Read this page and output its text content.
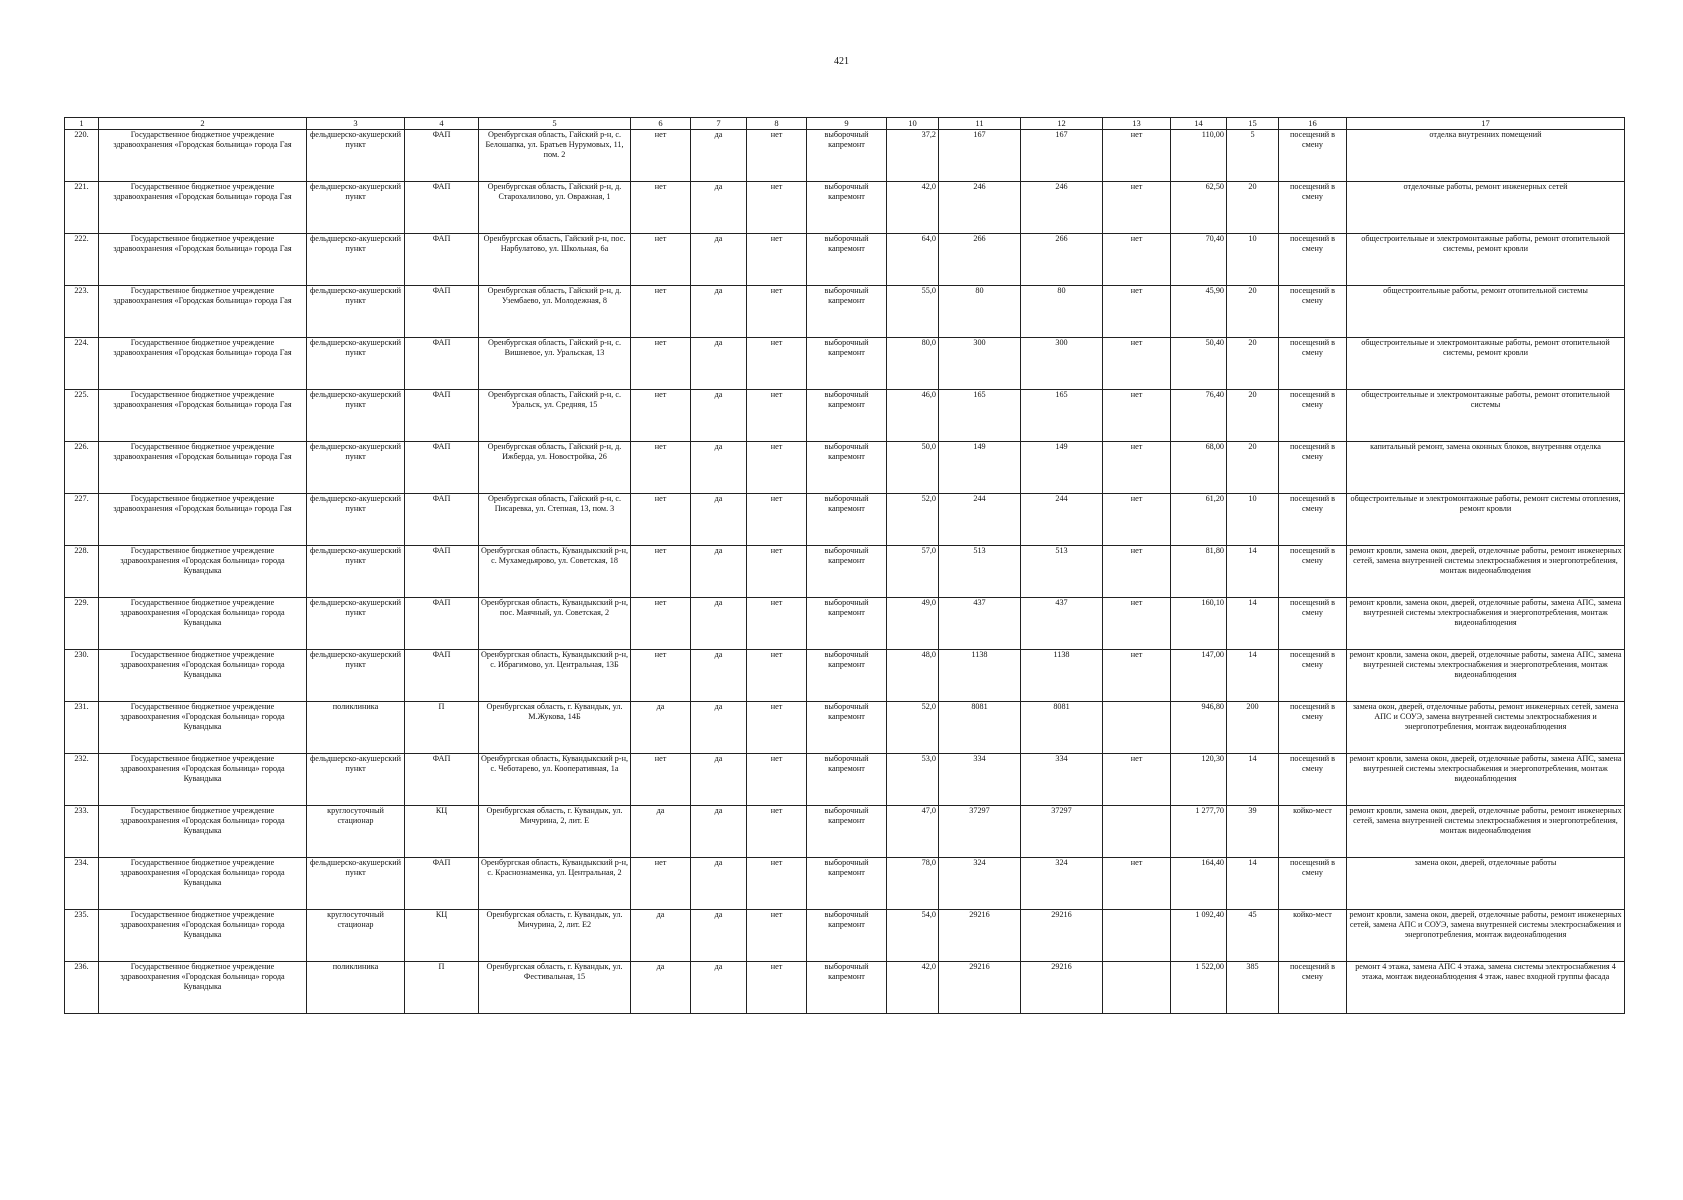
421
1	2	3	4	5	6	7	8	9	10	11	12	13	14	15	16	17
220.	Государственное бюджетное учреждение здравоохранения «Городская больница» города Гая	фельдшерско-акушерский пункт	ФАП	Оренбургская область, Гайский р-н, с. Белошапка, ул. Братьев Нурумовых, 11, пом. 2	нет	да	нет	выборочный капремонт	37,2	167	167	нет	110,00	5	посещений в смену	отделка внутренних помещений
221.	Государственное бюджетное учреждение здравоохранения «Городская больница» города Гая	фельдшерско-акушерский пункт	ФАП	Оренбургская область, Гайский р-н, д. Старохалилово, ул. Овражная, 1	нет	да	нет	выборочный капремонт	42,0	246	246	нет	62,50	20	посещений в смену	отделочные работы, ремонт инженерных сетей
222.	Государственное бюджетное учреждение здравоохранения «Городская больница» города Гая	фельдшерско-акушерский пункт	ФАП	Оренбургская область, Гайский р-н, пос. Нарбулатово, ул. Школьная, 6а	нет	да	нет	выборочный капремонт	64,0	266	266	нет	70,40	10	посещений в смену	общестроительные и электромонтажные работы, ремонт отопительной системы, ремонт кровли
223.	Государственное бюджетное учреждение здравоохранения «Городская больница» города Гая	фельдшерско-акушерский пункт	ФАП	Оренбургская область, Гайский р-н, д. Узембаево, ул. Молодежная, 8	нет	да	нет	выборочный капремонт	55,0	80	80	нет	45,90	20	посещений в смену	общестроительные работы, ремонт отопительной системы
224.	Государственное бюджетное учреждение здравоохранения «Городская больница» города Гая	фельдшерско-акушерский пункт	ФАП	Оренбургская область, Гайский р-н, с. Вишневое, ул. Уральская, 13	нет	да	нет	выборочный капремонт	80,0	300	300	нет	50,40	20	посещений в смену	общестроительные и электромонтажные работы, ремонт отопительной системы, ремонт кровли
225.	Государственное бюджетное учреждение здравоохранения «Городская больница» города Гая	фельдшерско-акушерский пункт	ФАП	Оренбургская область, Гайский р-н, с. Уральск, ул. Средняя, 15	нет	да	нет	выборочный капремонт	46,0	165	165	нет	76,40	20	посещений в смену	общестроительные и электромонтажные работы, ремонт отопительной системы
226.	Государственное бюджетное учреждение здравоохранения «Городская больница» города Гая	фельдшерско-акушерский пункт	ФАП	Оренбургская область, Гайский р-н, д. Ижберда, ул. Новостройка, 26	нет	да	нет	выборочный капремонт	50,0	149	149	нет	68,00	20	посещений в смену	капитальный ремонт, замена оконных блоков, внутренняя отделка
227.	Государственное бюджетное учреждение здравоохранения «Городская больница» города Гая	фельдшерско-акушерский пункт	ФАП	Оренбургская область, Гайский р-н, с. Писаревка, ул. Степная, 13, пом. 3	нет	да	нет	выборочный капремонт	52,0	244	244	нет	61,20	10	посещений в смену	общестроительные и электромонтажные работы, ремонт системы отопления, ремонт кровли
228.	Государственное бюджетное учреждение здравоохранения «Городская больница» города Кувандыка	фельдшерско-акушерский пункт	ФАП	Оренбургская область, Кувандыкский р-н, с. Мухамедьярово, ул. Советская, 18	нет	да	нет	выборочный капремонт	57,0	513	513	нет	81,80	14	посещений в смену	ремонт кровли, замена окон, дверей, отделочные работы, ремонт инженерных сетей, замена внутренней системы электроснабжения и энергопотребления, монтаж видеонаблюдения
229.	Государственное бюджетное учреждение здравоохранения «Городская больница» города Кувандыка	фельдшерско-акушерский пункт	ФАП	Оренбургская область, Кувандыкский р-н, пос. Маячный, ул. Советская, 2	нет	да	нет	выборочный капремонт	49,0	437	437	нет	160,10	14	посещений в смену	ремонт кровли, замена окон, дверей, отделочные работы, замена АПС, замена внутренней системы электроснабжения и энергопотребления, монтаж видеонаблюдения
230.	Государственное бюджетное учреждение здравоохранения «Городская больница» города Кувандыка	фельдшерско-акушерский пункт	ФАП	Оренбургская область, Кувандыкский р-н, с. Ибрагимово, ул. Центральная, 13Б	нет	да	нет	выборочный капремонт	48,0	1138	1138	нет	147,00	14	посещений в смену	ремонт кровли, замена окон, дверей, отделочные работы, замена АПС, замена внутренней системы электроснабжения и энергопотребления, монтаж видеонаблюдения
231.	Государственное бюджетное учреждение здравоохранения «Городская больница» города Кувандыка	поликлиника	П	Оренбургская область, г. Кувандык, ул. М.Жукова, 14Б	да	да	нет	выборочный капремонт	52,0	8081	8081		946,80	200	посещений в смену	замена окон, дверей, отделочные работы, ремонт инженерных сетей, замена АПС и СОУЭ, замена внутренней системы электроснабжения и энергопотребления, монтаж видеонаблюдения
232.	Государственное бюджетное учреждение здравоохранения «Городская больница» города Кувандыка	фельдшерско-акушерский пункт	ФАП	Оренбургская область, Кувандыкский р-н, с. Чеботарево, ул. Кооперативная, 1а	нет	да	нет	выборочный капремонт	53,0	334	334	нет	120,30	14	посещений в смену	ремонт кровли, замена окон, дверей, отделочные работы, замена АПС, замена внутренней системы электроснабжения и энергопотребления, монтаж видеонаблюдения
233.	Государственное бюджетное учреждение здравоохранения «Городская больница» города Кувандыка	круглосуточный стационар	КЦ	Оренбургская область, г. Кувандык, ул. Мичурина, 2, лит. Е	да	да	нет	выборочный капремонт	47,0	37297	37297		1 277,70	39	койко-мест	ремонт кровли, замена окон, дверей, отделочные работы, ремонт инженерных сетей, замена внутренней системы электроснабжения и энергопотребления, монтаж видеонаблюдения
234.	Государственное бюджетное учреждение здравоохранения «Городская больница» города Кувандыка	фельдшерско-акушерский пункт	ФАП	Оренбургская область, Кувандыкский р-н, с. Краснознаменка, ул. Центральная, 2	нет	да	нет	выборочный капремонт	78,0	324	324	нет	164,40	14	посещений в смену	замена окон, дверей, отделочные работы
235.	Государственное бюджетное учреждение здравоохранения «Городская больница» города Кувандыка	круглосуточный стационар	КЦ	Оренбургская область, г. Кувандык, ул. Мичурина, 2, лит. Е2	да	да	нет	выборочный капремонт	54,0	29216	29216		1 092,40	45	койко-мест	ремонт кровли, замена окон, дверей, отделочные работы, ремонт инженерных сетей, замена АПС и СОУЭ, замена внутренней системы электроснабжения и энергопотребления, монтаж видеонаблюдения
236.	Государственное бюджетное учреждение здравоохранения «Городская больница» города Кувандыка	поликлиника	П	Оренбургская область, г. Кувандык, ул. Фестивальная, 15	да	да	нет	выборочный капремонт	42,0	29216	29216		1 522,00	385	посещений в смену	ремонт 4 этажа, замена АПС 4 этажа, замена системы электроснабжения 4 этажа, монтаж видеонаблюдения 4 этаж, навес входной группы фасада
